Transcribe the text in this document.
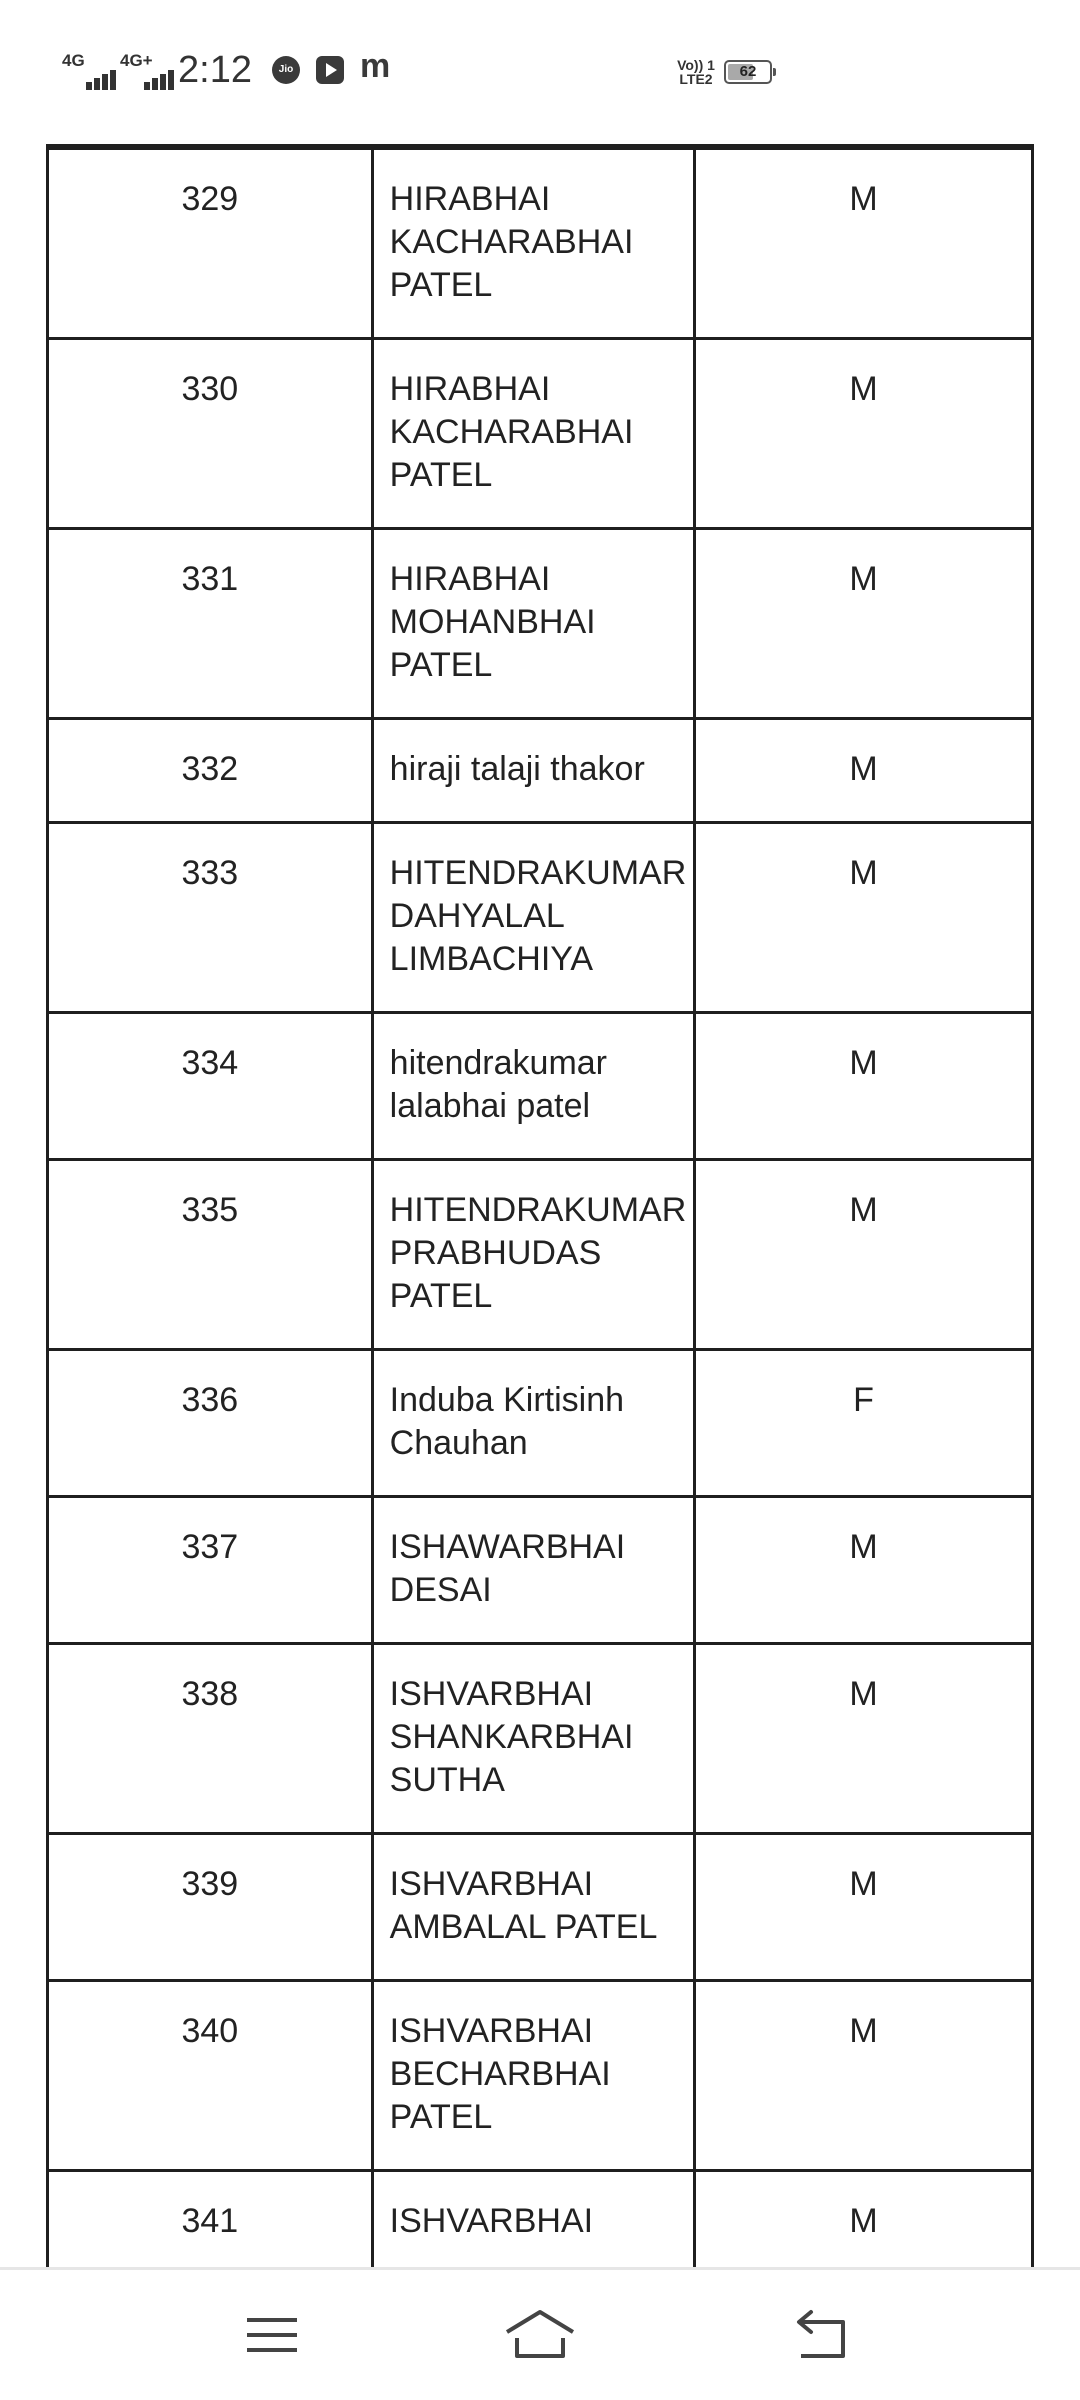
4G 4G+ 2:12	Jio m	Vo)) 1
LTE2	62

329	HIRABHAI KACHARABHAI PATEL	M
330	HIRABHAI KACHARABHAI PATEL	M
331	HIRABHAI MOHANBHAI PATEL	M
332	hiraji talaji thakor	M
333	HITENDRAKUMAR DAHYALAL LIMBACHIYA	M
334	hitendrakumar lalabhai patel	M
335	HITENDRAKUMAR PRABHUDAS PATEL	M
336	Induba Kirtisinh Chauhan	F
337	ISHAWARBHAI DESAI	M
338	ISHVARBHAI SHANKARBHAI SUTHA	M
339	ISHVARBHAI AMBALAL PATEL	M
340	ISHVARBHAI BECHARBHAI PATEL	M
341	ISHVARBHAI	M
